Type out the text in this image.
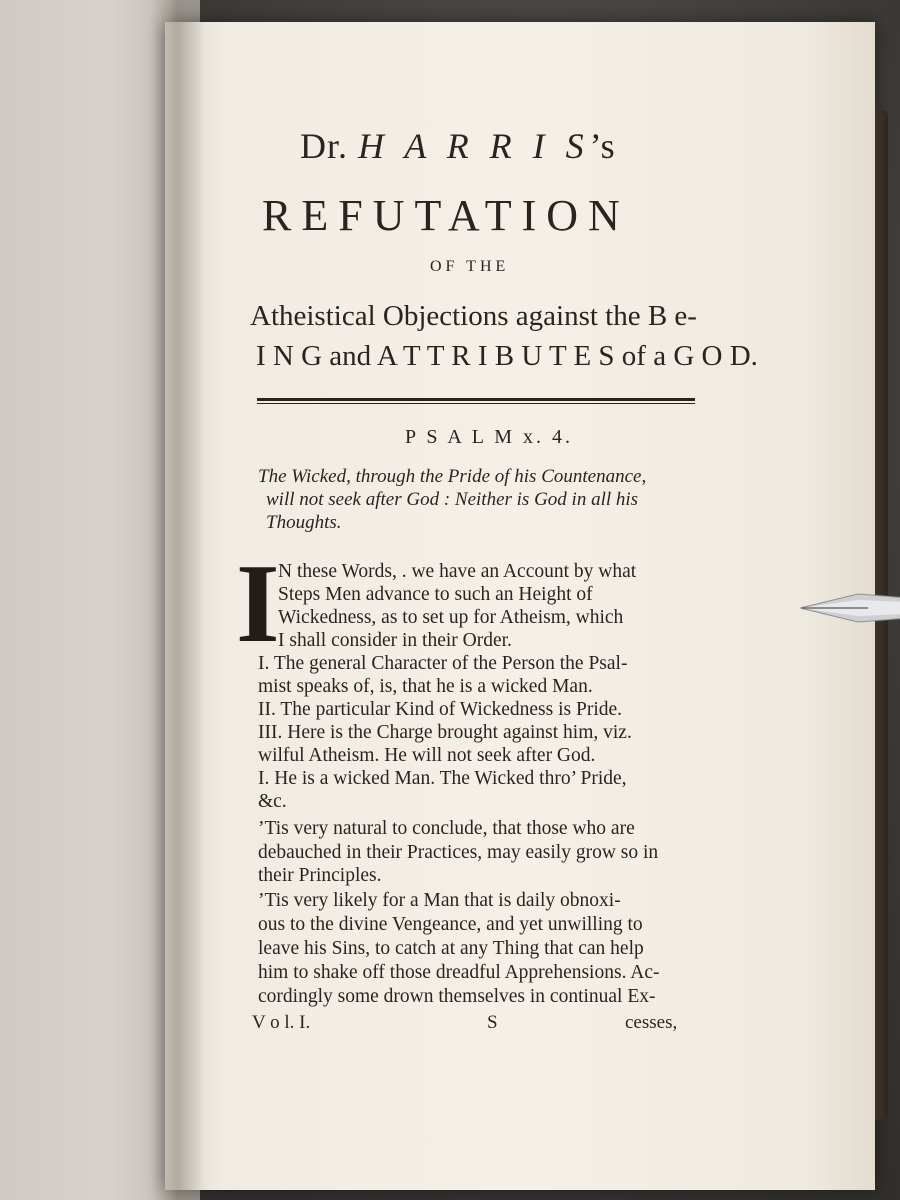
Dr. H A R R I S’s
REFUTATION
OF THE
Atheistical Objections against the B e-
I N G and A T T R I B U T E S of a G O D.
P S A L M x. 4.
The Wicked, through the Pride of his Countenance,
will not seek after God : Neither is God in all his
Thoughts.
I
N these Words, . we have an Account by what
Steps Men advance to such an Height of
Wickedness, as to set up for Atheism, which
I shall consider in their Order.
I. The general Character of the Person the Psal-
mist speaks of, is, that he is a wicked Man.
II. The particular Kind of Wickedness is Pride.
III. Here is the Charge brought against him, viz.
wilful Atheism. He will not seek after God.
I. He is a wicked Man. The Wicked thro’ Pride,
&c.
’Tis very natural to conclude, that those who are
debauched in their Practices, may easily grow so in
their Principles.
’Tis very likely for a Man that is daily obnoxi-
ous to the divine Vengeance, and yet unwilling to
leave his Sins, to catch at any Thing that can help
him to shake off those dreadful Apprehensions. Ac-
cordingly some drown themselves in continual Ex-
V o l. I.	S	cesses,
